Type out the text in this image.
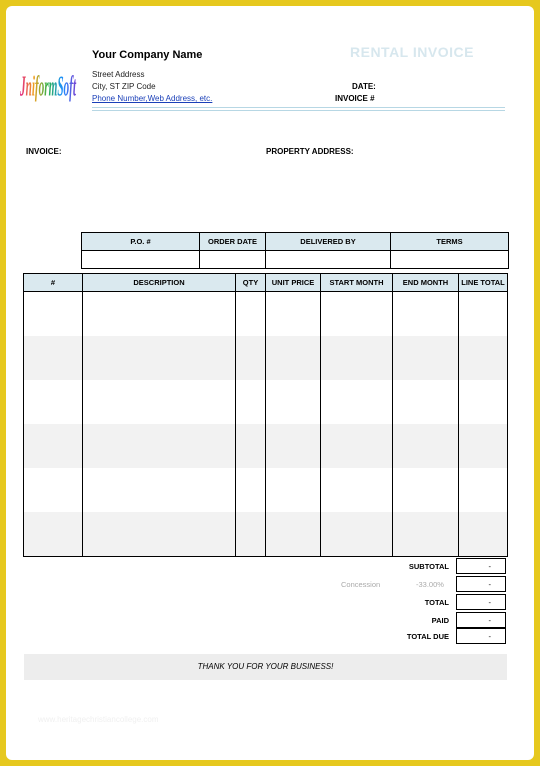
JniformSoft
Your Company Name
Street Address
City, ST ZIP Code
Phone Number,Web Address, etc.
RENTAL INVOICE
DATE:
INVOICE #
INVOICE:	PROPERTY ADDRESS:
P.O. #	ORDER DATE	DELIVERED BY	TERMS

#	DESCRIPTION	QTY	UNIT PRICE	START MONTH	END MONTH	LINE TOTAL

SUBTOTAL	-
Concession	-33.00%	-
TOTAL	-
PAID	-
TOTAL DUE	-
THANK YOU FOR YOUR BUSINESS!
www.heritagechristiancollege.com
